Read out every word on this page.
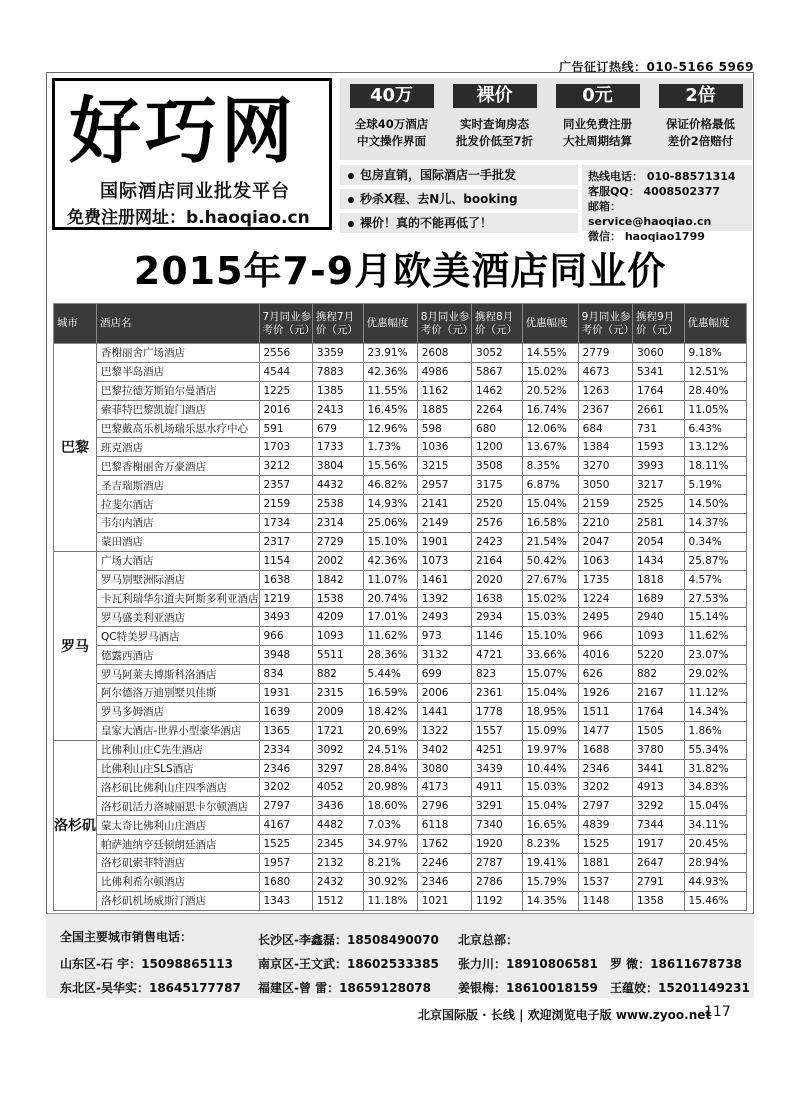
广告征订热线：010-5166 5969
好巧网
国际酒店同业批发平台
免费注册网址：b.haoqiao.cn
40万
全球40万酒店
中文操作界面
裸价
实时查询房态
批发价低至7折
0元
同业免费注册
大社周期结算
2倍
保证价格最低
差价2倍赔付
包房直销，国际酒店一手批发
秒杀X程、去N儿、booking
裸价！真的不能再低了！
热线电话： 010-88571314
客服QQ： 4008502377
邮箱： service@haoqiao.cn
微信： haoqiao1799
2015年7-9月欧美酒店同业价
城市	酒店名	7月同业参考价（元）	携程7月价（元）	优惠幅度	8月同业参考价（元）	携程8月价（元）	优惠幅度	9月同业参考价（元）	携程9月价（元）	优惠幅度
巴黎	香榭丽舍广场酒店	2556	3359	23.91%	2608	3052	14.55%	2779	3060	9.18%
	巴黎半岛酒店	4544	7883	42.36%	4986	5867	15.02%	4673	5341	12.51%
	巴黎拉德芳斯铂尔曼酒店	1225	1385	11.55%	1162	1462	20.52%	1263	1764	28.40%
	索菲特巴黎凯旋门酒店	2016	2413	16.45%	1885	2264	16.74%	2367	2661	11.05%
	巴黎戴高乐机场瑞乐思水疗中心	591	679	12.96%	598	680	12.06%	684	731	6.43%
	班克酒店	1703	1733	1.73%	1036	1200	13.67%	1384	1593	13.12%
	巴黎香榭丽舍万豪酒店	3212	3804	15.56%	3215	3508	8.35%	3270	3993	18.11%
	圣吉瑞斯酒店	2357	4432	46.82%	2957	3175	6.87%	3050	3217	5.19%
	拉斐尔酒店	2159	2538	14.93%	2141	2520	15.04%	2159	2525	14.50%
	韦尔内酒店	1734	2314	25.06%	2149	2576	16.58%	2210	2581	14.37%
	蒙田酒店	2317	2729	15.10%	1901	2423	21.54%	2047	2054	0.34%
罗马	广场大酒店	1154	2002	42.36%	1073	2164	50.42%	1063	1434	25.87%
	罗马别墅洲际酒店	1638	1842	11.07%	1461	2020	27.67%	1735	1818	4.57%
	卡瓦利瑞华尔道夫阿斯多利亚酒店	1219	1538	20.74%	1392	1638	15.02%	1224	1689	27.53%
	罗马盛美利亚酒店	3493	4209	17.01%	2493	2934	15.03%	2495	2940	15.14%
	QC特美罗马酒店	966	1093	11.62%	973	1146	15.10%	966	1093	11.62%
	德露西酒店	3948	5511	28.36%	3132	4721	33.66%	4016	5220	23.07%
	罗马阿莱夫博斯科洛酒店	834	882	5.44%	699	823	15.07%	626	882	29.02%
	阿尔德洛万迪别墅贝佳斯	1931	2315	16.59%	2006	2361	15.04%	1926	2167	11.12%
	罗马多姆酒店	1639	2009	18.42%	1441	1778	18.95%	1511	1764	14.34%
	皇家大酒店-世界小型豪华酒店	1365	1721	20.69%	1322	1557	15.09%	1477	1505	1.86%
洛杉矶	比佛利山庄C先生酒店	2334	3092	24.51%	3402	4251	19.97%	1688	3780	55.34%
	比佛利山庄SLS酒店	2346	3297	28.84%	3080	3439	10.44%	2346	3441	31.82%
	洛杉矶比佛利山庄四季酒店	3202	4052	20.98%	4173	4911	15.03%	3202	4913	34.83%
	洛杉矶活力洛城丽思卡尔顿酒店	2797	3436	18.60%	2796	3291	15.04%	2797	3292	15.04%
	蒙太奇比佛利山庄酒店	4167	4482	7.03%	6118	7340	16.65%	4839	7344	34.11%
	帕萨迪纳亨廷顿朗廷酒店	1525	2345	34.97%	1762	1920	8.23%	1525	1917	20.45%
	洛杉矶索菲特酒店	1957	2132	8.21%	2246	2787	19.41%	1881	2647	28.94%
	比佛利希尔顿酒店	1680	2432	30.92%	2346	2786	15.79%	1537	2791	44.93%
	洛杉矶机场威斯汀酒店	1343	1512	11.18%	1021	1192	14.35%	1148	1358	15.46%
全国主要城市销售电话：
山东区-石 宇：15098865113
东北区-吴华实：18645177787
长沙区-李鑫磊：18508490070
南京区-王文武：18602533385
福建区-曾 雷：18659128078
北京总部：
张力川：18910806581
姜银梅：18610018159
罗 微：18611678738
王蕴姣：15201149231
北京国际版 · 长线 | 欢迎浏览电子版 www.zyoo.net
117
